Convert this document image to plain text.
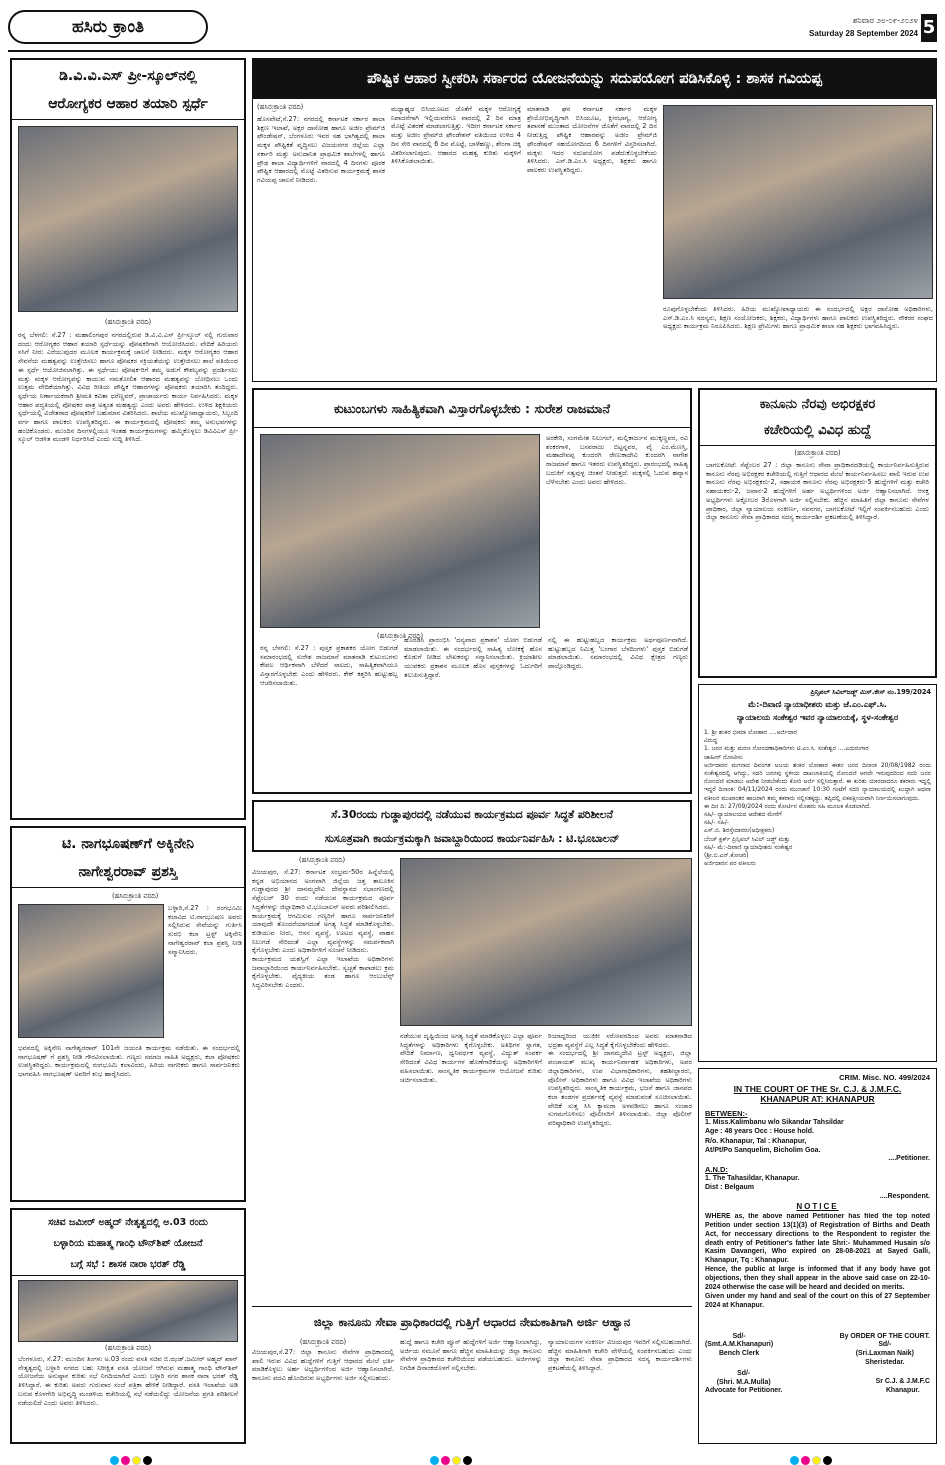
ಹಸಿರು ಕ್ರಾಂತಿ	ಶನಿವಾರ ೨೮-೦೯-೨೦೨೪
Saturday 28 September 2024 5
ಡಿ.ವಿ.ವಿ.ಎಸ್ ಪ್ರೀ-ಸ್ಕೂಲ್‌ನಲ್ಲಿ
ಆರೋಗ್ಯಕರ ಆಹಾರ ತಯಾರಿ ಸ್ಪರ್ಧೆ
(ಹಸಿರುಕ್ರಾಂತಿ ವರದಿ)
ರನ್ನ ಬೆಳಗಲಿ: ಸೆ.27 : ಮಹಾಲಿಂಗಪುರ ನಗರದಲ್ಲಿರುವ ಡಿ.ವಿ.ವಿ.ಎಸ್ ಪ್ರೀ-ಸ್ಕೂಲ್ ನಲ್ಲಿ ಗುರುವಾರ ದಂದು ಆರೋಗ್ಯಕರ ಆಹಾರ ತಯಾರಿ ಸ್ಪರ್ಧೆಯನ್ನು ಪೋಷಕರಿಗಾಗಿ ಆಯೋಜಿಸಿದರು. ವೇದಿಕೆ ಹಿರಿಯರು ಸಸಿಗೆ ನೀರು ಎರೆಯುವುದರ ಮೂಲಕ ಕಾರ್ಯಕ್ರಮಕ್ಕೆ ಚಾಲನೆ ನೀಡಿದರು. ಮಕ್ಕಳ ಆರೋಗ್ಯಕರ ಆಹಾರ ಸೇವನೆಯ ಮಹತ್ವವನ್ನು ಉತ್ತೇಜಿಸಲು ಹಾಗೂ ಪೋಷಕರ ಸಕ್ರಿಯತೆಯನ್ನು ಉತ್ತೇಜಿಸಲು ಶಾಲೆ ವತಿಯಿಂದ ಈ ಸ್ಪರ್ಧೆ ಆಯೋಜಿಸಲಾಗಿತ್ತು. ಈ ಸ್ಪರ್ಧೆಯು ಪೋಷಕ-ರಿಗೆ ತಮ್ಮ ಅಡುಗೆ ಕೌಶಲ್ಯವನ್ನು ಪ್ರದರ್ಶಿಸಲು ಮತ್ತು ಮಕ್ಕಳ ಆರೋಗ್ಯವನ್ನು ಕಾಯುವ ಸಮತೋಲಿತ ಆಹಾರದ ಮಹತ್ವವನ್ನು ಬೋಧಿಸಲು ಒಂದು ಉತ್ತಮ ವೇದಿಕೆಯಾಗಿತ್ತು. ವಿವಿಧ ರೀತಿಯ ಪೌಷ್ಟಿಕ ಆಹಾರಗಳನ್ನು ಪೋಷಕರು ತಯಾರಿಸಿ ತಂದಿದ್ದರು. ಸ್ಪರ್ಧೆಯ ನಿರ್ಣಾಯಕರಾಗಿ ಶ್ರೀಮತಿ ಕವಿತಾ ಧರೆಣ್ಣವರ್, ಪ್ರಾಚಾರ್ಯರು ಕಾರ್ಯ ನಿರ್ವಹಿಸಿದರು. ಮಕ್ಕಳ ಆಹಾರ ಪದ್ಧತಿಯಲ್ಲಿ ಪೋಷಕರ ಪಾತ್ರ ಅತ್ಯಂತ ಮಹತ್ವದ್ದು ಎಂದು ಅವರು ಹೇಳಿದರು. ಉಳಿದ ಶಿಕ್ಷಕಿಯರು ಸ್ಪರ್ಧೆಯಲ್ಲಿ ವಿಜೇತರಾದ ಪೋಷಕರಿಗೆ ಬಹುಮಾನ ವಿತರಿಸಿದರು. ಶಾಲೆಯ ಮುಖ್ಯೋಪಾಧ್ಯಾಯರು, ಸಿಬ್ಬಂದಿ ವರ್ಗ ಹಾಗೂ ಪಾಲಕರು ಉಪಸ್ಥಿತರಿದ್ದರು. ಈ ಕಾರ್ಯಕ್ರಮದಲ್ಲಿ ಪೋಷಕರು ತಮ್ಮ ಅನುಭವಗಳನ್ನು ಹಂಚಿಕೊಂಡರು. ಮುಂದಿನ ದಿನಗಳಲ್ಲಿಯೂ ಇಂತಹ ಕಾರ್ಯಕ್ರಮಗಳನ್ನು ಹಮ್ಮಿಕೊಳ್ಳಲು ಡಿವಿವಿಎಸ್ ಪ್ರೀ-ಸ್ಕೂಲ್ ಆಡಳಿತ ಮಂಡಳಿ ನಿರ್ಧರಿಸಿದೆ ಎಂದು ಸುದ್ದಿ ತಿಳಿಸಿದೆ.
ಟಿ. ನಾಗಭೂಷಣ್‌ಗೆ ಅಕ್ಕಿನೇನಿ
ನಾಗೇಶ್ವರರಾವ್ ಪ್ರಶಸ್ತಿ
(ಹಸಿರುಕ್ರಾಂತಿ ವರದಿ)
ಬಳ್ಳಾರಿ,ಸೆ.27 : ರಂಗಭೂಮಿ ಕಲಾವಿದ ಟಿ.ನಾಗಭೂಷಣ ಅವರು ಸಲ್ಲಿಸಿರುವ ಸೇವೆಯನ್ನು ಗುರ್ತಿಸಿ ಸುರಭಿ ಕಲಾ ಟ್ರಸ್ಟ್ ಅಕ್ಕಿನೇನಿ ನಾಗೇಶ್ವರರಾವ್ ಕಲಾ ಪ್ರಶಸ್ತಿ ನೀಡಿ ಸನ್ಮಾನಿಸಿದರು.
ಭವನದಲ್ಲಿ ಅಕ್ಕಿನೇನಿ ನಾಗೇಶ್ವರರಾವ್ 101ನೇ ಜಯಂತಿ ಕಾರ್ಯಕ್ರಮ ನಡೆಯಿತು. ಈ ಸಂದರ್ಭದಲ್ಲಿ ನಾಗಭೂಷಣ್ ಗೆ ಪ್ರಶಸ್ತಿ ನೀಡಿ ಗೌರವಿಸಲಾಯಿತು. ಗಣ್ಯರು ಸಮಾಜ ಸಾಹಿತಿ ಅಧ್ಯಕ್ಷರು, ಕಲಾ ಪೋಷಕರು ಉಪಸ್ಥಿತರಿದ್ದರು. ಕಾರ್ಯಕ್ರಮದಲ್ಲಿ ರಂಗಭೂಮಿ ಕಲಾವಿದರು, ಹಿರಿಯ ನಾಗರಿಕರು ಹಾಗೂ ಸಾರ್ವಜನಿಕರು ಭಾಗವಹಿಸಿ ನಾಗಭೂಷಣ್ ಅವರಿಗೆ ಶುಭ ಹಾರೈಸಿದರು.
ಸಚಿವ ಜಮೀರ್ ಅಹ್ಮದ್ ನೇತೃತ್ವದಲ್ಲಿ ಅ.03 ರಂದು
ಬಳ್ಳಾರಿಯ ಮಹಾತ್ಮ ಗಾಂಧಿ ಟೌನ್‌ಶಿಪ್ ಯೋಜನೆ
ಬಗ್ಗೆ ಸಭೆ : ಶಾಸಕ ನಾರಾ ಭರತ್ ರೆಡ್ಡಿ
(ಹಸಿರುಕ್ರಾಂತಿ ವರದಿ)
ಬೆಂಗಳೂರು, ಸೆ.27: ಮುಂದಿನ ತಿಂಗಳು ಅ.03 ರಂದು ವಸತಿ ಸಚಿವ ಬಿ.ಝಡ್.ಜಮೀರ್ ಅಹ್ಮದ್ ಖಾನ್ ನೇತೃತ್ವದಲ್ಲಿ ಬಳ್ಳಾರಿ ನಗರದ ಬಹು ನಿರೀಕ್ಷಿತ ವಸತಿ ಯೋಜನೆ ಆಗಿರುವ ಮಹಾತ್ಮ ಗಾಂಧಿ ಟೌನ್‌ಶಿಪ್ ಯೋಜನೆಯ ಅನುಷ್ಠಾನ ಕುರಿತು ಸಭೆ ನಿಗದಿಯಾಗಿದೆ ಎಂದು ಬಳ್ಳಾರಿ ನಗರ ಶಾಸಕ ನಾರಾ ಭರತ್ ರೆಡ್ಡಿ ತಿಳಿಸಿದ್ದಾರೆ. ಈ ಕುರಿತು ಅವರು ಗುರುವಾರ ಸಂಜೆ ಪತ್ರಿಕಾ ಹೇಳಿಕೆ ನೀಡಿದ್ದಾರೆ. ವಸತಿ ಇಲಾಖೆಯ ಅಡಿ ಬರುವ ಕೊಳಗೇರಿ ಅಭಿವೃದ್ಧಿ ಮಂಡಳಿಯ ಕಚೇರಿಯಲ್ಲಿ ಸಭೆ ನಡೆಯಲಿದ್ದು ಯೋಜನೆಯ ಪ್ರಗತಿ ಪರಿಶೀಲನೆ ನಡೆಯಲಿದೆ ಎಂದು ಅವರು ತಿಳಿಸಿದರು.
ಪೌಷ್ಟಿಕ ಆಹಾರ ಸ್ವೀಕರಿಸಿ ಸರ್ಕಾರದ ಯೋಜನೆಯನ್ನು ಸದುಪಯೋಗ ಪಡಿಸಿಕೊಳ್ಳಿ : ಶಾಸಕ ಗವಿಯಪ್ಪ
(ಹಸಿರುಕ್ರಾಂತಿ ವರದಿ)
ಹೊಸಪೇಟೆ,ಸೆ.27: ನಗರದಲ್ಲಿ ಕರ್ನಾಟಕ ಸರ್ಕಾರ ಶಾಲಾ ಶಿಕ್ಷಣ ಇಲಾಖೆ, ಅಕ್ಷರ ದಾಸೋಹ ಹಾಗೂ ಅಜೀಂ ಪ್ರೇಮ್‌ಜಿ ಫೌಂಡೇಷನ್, ಬೆಂಗಳೂರು ಇವರ ಸಹ ಭಾಗಿತ್ವದಲ್ಲಿ ಶಾಲಾ ಮಕ್ಕಳ ಪೌಷ್ಟಿಕತೆ ವೃದ್ಧಿಸಲು ವಿಜಯನಗರ ಜಿಲ್ಲೆಯ ಎಲ್ಲಾ ಸರ್ಕಾರಿ ಮತ್ತು ಅನುದಾನಿತ ಪ್ರಾಥಮಿಕ ಶಾಲೆಗಳಲ್ಲಿ ಹಾಗೂ ಪ್ರೌಢ ಶಾಲಾ ವಿದ್ಯಾರ್ಥಿಗಳಿಗೆ ವಾರದಲ್ಲಿ 4 ದಿನಗಳು ಪೂರಕ ಪೌಷ್ಟಿಕ ಆಹಾರದಲ್ಲಿ ಮೊಟ್ಟೆ ವಿತರಿಸುವ ಕಾರ್ಯಕ್ರಮಕ್ಕೆ ಶಾಸಕ ಗವಿಯಪ್ಪ ಚಾಲನೆ ನೀಡಿದರು.
ಮಧ್ಯಾಹ್ನದ ಬಿಸಿಯೂಟದ ಜೊತೆಗೆ ಮಕ್ಕಳ ಆರೋಗ್ಯಕ್ಕೆ ನಿಪಾದನೆಗಾಗಿ ಇಲ್ಲಿಯವರೆಗೂ ವಾರದಲ್ಲಿ 2 ದಿನ ಮಾತ್ರ ಮೊಟ್ಟೆ ವಿತರಣೆ ಮಾಡಲಾಗುತ್ತಿತ್ತು. ಇದೀಗ ಕರ್ನಾಟಕ ಸರ್ಕಾರ ಮತ್ತು ಅಜೀಂ ಪ್ರೇಮ್‌ಜಿ ಫೌಂಡೇಶನ್ ವತಿಯಿಂದ ಉಳಿದ 4 ದಿನ ಸೇರಿ ವಾರದಲ್ಲಿ 6 ದಿನ ಮೊಟ್ಟೆ, ಬಾಳೆಹಣ್ಣು, ಶೇಂಗಾ ಚಿಕ್ಕಿ ವಿತರಿಸಲಾಗುವುದು. ಆಹಾರದ ಮಹತ್ವ ಕುರಿತು ಮಕ್ಕಳಿಗೆ ತಿಳಿಸಿಕೊಡಲಾಯಿತು.
ಮಾತನಾಡಿ ಘನ ಕರ್ನಾಟಕ ಸರ್ಕಾರ ಮಕ್ಕಳ ಶ್ರೇಯೋಭಿವೃದ್ಧಿಗಾಗಿ ಬಿಸಿಯೂಟ, ಕ್ಷೀರಭಾಗ್ಯ, ಆರೋಗ್ಯ ತಪಾಸಣೆ ಮುಂತಾದ ಯೋಜನೆಗಳ ಜೊತೆಗೆ ವಾರದಲ್ಲಿ 2 ದಿನ ನೀಡುತ್ತಿದ್ದ ಪೌಷ್ಟಿಕ ಆಹಾರವನ್ನು ಅಜೀಂ ಪ್ರೇಮ್‌ಜಿ ಫೌಂಡೇಷನ್ ಸಹಯೋಗದಿಂದ 6 ದಿನಗಳಿಗೆ ವಿಸ್ತರಿಸಲಾಗಿದೆ. ಮಕ್ಕಳು ಇದರ ಸದುಪಯೋಗ ಪಡೆದುಕೊಳ್ಳಬೇಕೆಂದು ತಿಳಿಸಿದರು. ಎಸ್.ಡಿ.ಎಂ.ಸಿ ಅಧ್ಯಕ್ಷರು, ಶಿಕ್ಷಕರು ಹಾಗೂ ಪಾಲಕರು ಉಪಸ್ಥಿತರಿದ್ದರು.
ರೂಪುಗೊಳ್ಳಬೇಕೆಂದು ತಿಳಿಸಿದರು. ಹಿರಿಯ ಮುಖ್ಯೋಪಾಧ್ಯಾಯರು ಈ ಸಂದರ್ಭದಲ್ಲಿ ಅಕ್ಷರ ದಾಸೋಹ ಅಧಿಕಾರಿಗಳು, ಎಸ್.ಡಿ.ಎಂ.ಸಿ ಸದಸ್ಯರು, ಶಿಕ್ಷಣ ಸಂಯೋಜಕರು, ಶಿಕ್ಷಕರು, ವಿದ್ಯಾರ್ಥಿಗಳು ಹಾಗೂ ಪಾಲಕರು ಉಪಸ್ಥಿತರಿದ್ದರು. ನೌಕರರ ಸಂಘದ ಅಧ್ಯಕ್ಷರು ಕಾರ್ಯಕ್ರಮ ನಿರೂಪಿಸಿದರು. ಶಿಕ್ಷಣ ಪ್ರೇಮಿಗಳು ಹಾಗೂ ಪ್ರಾಥಮಿಕ ಶಾಲಾ ಸಹ ಶಿಕ್ಷಕರು ಭಾಗವಹಿಸಿದ್ದರು.
ಕುಟುಂಬಗಳು ಸಾಹಿತ್ಯಿಕವಾಗಿ ವಿಸ್ತಾರಗೊಳ್ಳಬೇಕು : ಸುರೇಶ ರಾಜಮಾನೆ
ಅರಕೇರಿ, ಸಂಗಮೇಶ ನಿಲುಗಲ್, ಮಲ್ಲಿಕಾರ್ಜುನ ಮುಕ್ಕಣ್ಣವರ, ರವಿ ಶಂಕರಗಾಳಿ, ಬಸವರಾಜು ಬಿಟ್ಟನ್ನವರ, ವೈ ಎಂ.ಮೆಣಸ್ತಿ, ಮಹಾದೇವಪ್ಪ ಕುಂದರಗಿ ರೇಣುಕಾದೇವಿ ಕುಂದರಗಿ ನಾಗೇಶ ರಾಜಮಾನೆ ಹಾಗೂ ಇತರರು ಉಪಸ್ಥಿತರಿದ್ದರು. ಪ್ರಾರಂಭದಲ್ಲಿ ಸಾಹಿತ್ಯ ಬದುಕಿಗೆ ಸತ್ವವುಳ್ಳ ಚಿಂತನೆ ನೀಡುತ್ತದೆ. ಮಕ್ಕಳಲ್ಲಿ ಓದುವ ಹವ್ಯಾಸ ಬೆಳೆಸಬೇಕು ಎಂದು ಅವರು ಹೇಳಿದರು.
(ಹಸಿರುಕ್ರಾಂತಿ ವರದಿ)
ರನ್ನ ಬೆಳಗಲಿ: ಸೆ.27 : ಪುಸ್ತಕ ಪ್ರಕಾಶಕರ ಯೋಗ ಬಿಡುಗಡೆ ಸಮಾರಂಭದಲ್ಲಿ ಸುರೇಶ ರಾಜಮಾನೆ ಮಾತನಾಡಿ ಕುಟುಂಬಗಳು ಕೇವಲ ಆರ್ಥಿಕವಾಗಿ ಬೆಳೆದರೆ ಸಾಲದು, ಸಾಹಿತ್ಯಿಕವಾಗಿಯೂ ವಿಸ್ತಾರಗೊಳ್ಳಬೇಕು ಎಂದು ಹೇಳಿದರು. ಕೇಕ್ ಕತ್ತರಿಸಿ ಹುಟ್ಟುಹಬ್ಬ ಆಚರಿಸಲಾಯಿತು.
ಹೊರಡಿಸಿ ಪ್ರಾರಂಭಿಸಿ 'ದನ್ಯವಾದ ಪ್ರಕಾಶನ' ಯೋಗ ಬಿಡುಗಡೆ ಮಾಡಲಾಯಿತು. ಈ ಸಂದರ್ಭದಲ್ಲಿ ಸಾಹಿತ್ಯ ಲೋಕಕ್ಕೆ ಹೊಸ ಕೊಡುಗೆ ನೀಡಿದ ಲೇಖಕರನ್ನು ಸನ್ಮಾನಿಸಲಾಯಿತು. ಕ್ರಿಯಾಶೀಲ ಯುವಕರು ಪ್ರಕಾಶನ ಮೂಲಕ ಹೊಸ ಪುಸ್ತಕಗಳನ್ನು ಓದುಗರಿಗೆ ತಲುಪಿಸುತ್ತಿದ್ದಾರೆ.
ನಲ್ಲಿ ಈ ಹುಟ್ಟುಹಬ್ಬದ ಕಾರ್ಯಕ್ರಮ ಅರ್ಥಪೂರ್ಣವಾಗಿದೆ. ಹುಟ್ಟುಹಬ್ಬದ ನಿಮಿತ್ತ 'ಬಂಗಾರ ಬೆಳದಿಂಗಳು' ಪುಸ್ತಕ ಬಿಡುಗಡೆ ಮಾಡಲಾಯಿತು. ಸಮಾರಂಭದಲ್ಲಿ ವಿವಿಧ ಕ್ಷೇತ್ರದ ಗಣ್ಯರು ಪಾಲ್ಗೊಂಡಿದ್ದರು.
ಕಾನೂನು ನೆರವು ಅಭಿರಕ್ಷಕರ
ಕಚೇರಿಯಲ್ಲಿ ವಿವಿಧ ಹುದ್ದೆ
(ಹಸಿರುಕ್ರಾಂತಿ ವರದಿ)
ಬಾಗಲಕೋಟೆ: ಸೆಪ್ಟೆಂಬರ 27 : ಜಿಲ್ಲಾ ಕಾನೂನು ಸೇವಾ ಪ್ರಾಧಿಕಾರದಡಿಯಲ್ಲಿ ಕಾರ್ಯನಿರ್ವಹಿಸುತ್ತಿರುವ ಕಾನೂನು ನೆರವು ಅಭಿರಕ್ಷಕರ ಕಚೇರಿಯಲ್ಲಿ ಗುತ್ತಿಗೆ ಆಧಾರದ ಮೇಲೆ ಕಾರ್ಯನಿರ್ವಹಿಸಲು ಖಾಲಿ ಇರುವ ಉಪ ಕಾನೂನು ನೆರವು ಅಭಿರಕ್ಷಕರು-2, ಸಹಾಯಕ ಕಾನೂನು ನೆರವು ಅಭಿರಕ್ಷಕರು-5 ಹುದ್ದೆಗಳಿಗೆ ಮತ್ತು ಕಚೇರಿ ಸಹಾಯಕರು-2, ಜವಾನ-2 ಹುದ್ದೆಗಳಿಗೆ ಅರ್ಹ ಅಭ್ಯರ್ಥಿಗಳಿಂದ ಅರ್ಜಿ ಆಹ್ವಾನಿಸಲಾಗಿದೆ. ಆಸಕ್ತ ಅಭ್ಯರ್ಥಿಗಳು ಅಕ್ಟೋಬರ 3ರೊಳಗಾಗಿ ಅರ್ಜಿ ಸಲ್ಲಿಸಬೇಕು. ಹೆಚ್ಚಿನ ಮಾಹಿತಿಗೆ ಜಿಲ್ಲಾ ಕಾನೂನು ಸೇವೆಗಳ ಪ್ರಾಧಿಕಾರ, ಜಿಲ್ಲಾ ನ್ಯಾಯಾಲಯ ಸಂಕೀರ್ಣ, ನವನಗರ, ಬಾಗಲಕೋಟೆ ಇಲ್ಲಿಗೆ ಸಂಪರ್ಕಿಸಬಹುದು ಎಂದು ಜಿಲ್ಲಾ ಕಾನೂನು ಸೇವಾ ಪ್ರಾಧಿಕಾರದ ಸದಸ್ಯ ಕಾರ್ಯದರ್ಶಿ ಪ್ರಕಟಣೆಯಲ್ಲಿ ತಿಳಿಸಿದ್ದಾರೆ.
ಪ್ರಿನ್ಸಿಪಲ್ ಸಿವಿಲ್‌ಜಡ್ಜ್ ಮಿಸ್.ಕೇಸ್ ನಂ.199/2024
ಮೆ:-ದಿವಾಣಿ ನ್ಯಾಯಾಧೀಶರು ಮತ್ತು ಜೆ.ಎಂ.ಎಫ್.ಸಿ.
ನ್ಯಾಯಾಲಯ ಸಂಕೇಶ್ವರ ಇವರ ನ್ಯಾಯಾಲಯಕ್ಕೆ, ಸ್ಥಳ-ಸಂಕೇಶ್ವರ
1. ಶ್ರೀ ಶಂಕರ ಭೀಮಾ ಲೋಹಾರ ....ಅರ್ಜಿದಾರ
ವಿರುದ್ಧ
1. ಜನನ ಮತ್ತು ಮರಣ ನೋಂದಣಾಧಿಕಾರಿಗಳು ಟಿ.ಎಂ.ಸಿ. ಸಂಕೇಶ್ವರ ....ಎದುರುಗಾರ
ಜಾಹೀರ್ ನೋಟೀಸು
ಅರ್ಜಿದಾರನ ಮಗನಾದ ದಿವಂಗತ ಅಜಯ ಶಂಕರ ಲೋಹಾರ ಈತನ ಜನನ ದಿನಾಂಕ 20/08/1982 ರಂದು ಸಂಕೇಶ್ವರದಲ್ಲಿ ಆಗಿದ್ದು, ಸದರಿ ಜನನವು ಸ್ಥಳೀಯ ದಾಖಲಾತಿಯಲ್ಲಿ ನೋಂದಣಿ ಆಗದೇ ಇರುವುದರಿಂದ ಸದರಿ ಜನನ ನೋಂದಣಿ ಮಾಡಲು ಆದೇಶ ನೀಡಬೇಕೆಂದು ಕೋರಿ ಅರ್ಜಿ ಸಲ್ಲಿಸಿರುತ್ತಾರೆ. ಈ ಕುರಿತು ಯಾರದಾದರೂ ತಕರಾರು ಇದ್ದಲ್ಲಿ ಇದ್ದರೆ ದಿನಾಂಕ: 04/11/2024 ರಂದು ಮುಂಜಾನೆ 10:30 ಗಂಟೆಗೆ ಸದರಿ ನ್ಯಾಯಾಲಯದಲ್ಲಿ ಖುದ್ದಾಗಿ ಅಥವಾ ವಕೀಲರ ಮುಖಾಂತರ ಹಾಜರಾಗಿ ತಮ್ಮ ತಕರಾರು ಸಲ್ಲಿಸತಕ್ಕದ್ದು. ತಪ್ಪಿದಲ್ಲಿ ಏಕಪಕ್ಷೀಯವಾಗಿ ನಿರ್ಣಯಿಸಲಾಗುವುದು.
ಈ ದಿನ ದಿ: 27/09/2024 ರಂದು ಕೋರ್ಟಿನ ಮೊಹರು ಸಹಿ ಮೂಲಕ ಕೊಡಲಾಗಿದೆ.
ಸಹಿ/- ನ್ಯಾಯಾಲಯದ ಆದೇಶದ ಮೇರೆಗೆ
ಸಹಿ/- ಸಹಿ/-
ಎಸ್.ಬಿ. ಶಿರಸ್ತೇದಾರರು(ಅಧೀಕ್ಷಕರು)
ಬೆಂಚ್ ಕ್ಲರ್ಕ್ ಪ್ರಿನ್ಸಿಪಲ್ ಸಿವಿಲ್ ಜಡ್ಜ್ ಮತ್ತು
ಸಹಿ/- ಮೆ:-ದಿವಾಣಿ ನ್ಯಾಯಾಧೀಶರು ಸಂಕೇಶ್ವರ
(ಶ್ರೀ.ಬಿ.ಎನ್.ಕೋಚರಿ)
ಅರ್ಜಿದಾರನ ಪರ ವಕೀಲರು
CRIM. Misc. NO. 499/2024
IN THE COURT OF THE Sr. C.J. & J.M.F.C.
KHANAPUR AT: KHANAPUR
BETWEEN:-
1. Miss.Kalimbanu w/o Sikandar Tahsildar
Age : 48 years Occ : House hold.
R/o. Khanapur, Tal : Khanapur,
At/Pt/Po Sanquelim, Bicholim Goa.
....Petitioner.
A.N.D:
1. The Tahasildar, Khanapur.
Dist : Belgaum
....Respondent.
NOTICE
WHERE as, the above named Petitioner has filed the top noted Petition under section 13(1)(3) of Registration of Births and Death Act, for neccessary directions to the Respondent to register the death entry of Petitioner's father late Shri:- Muhammed Husain s/o Kasim Davangeri, Who expired on 28-08-2021 at Sayed Galli, Khanapur, Tq : Khanapur.
Hence, the public at large is informed that if any body have got objections, then they shall appear in the above said case on 22-10-2024 otherwise the case will be heard and decided on merits.
Given under my hand and seal of the court on this of 27 September 2024 at Khanapur.
Sd/-
(Smt.A.M.Khanapuri)
Bench Clerk
By ORDER OF THE COURT.
Sd/-
(Sri.Laxman Naik)
Sheristedar.
Sd/-
(Shri. M.A.Mulla)
Advocate for Petitioner.
Sr C.J. & J.M.F.C
Khanapur.
ಸೆ.30ರಂದು ಗುಡ್ಡಾಪುರದಲ್ಲಿ ನಡೆಯುವ ಕಾರ್ಯಕ್ರಮದ ಪೂರ್ವ ಸಿದ್ಧತೆ ಪರಿಶೀಲನೆ
ಸುಸೂತ್ರವಾಗಿ ಕಾರ್ಯಕ್ರಮಕ್ಕಾಗಿ ಜವಾಬ್ದಾರಿಯಿಂದ ಕಾರ್ಯನಿರ್ವಹಿಸಿ : ಟಿ.ಭೂಬಾಲನ್
(ಹಸಿರುಕ್ರಾಂತಿ ವರದಿ)
ವಿಜಯಪುರ, ಸೆ.27: ಕರ್ನಾಟಕ ಸಂಭ್ರಮ-50ರ ಹಿನ್ನೆಲೆಯಲ್ಲಿ ಕನ್ನಡ ಅಭಿಯಾನದ ಅಂಗವಾಗಿ ಜಿಲ್ಲೆಯ ಜತ್ತ ತಾಲೂಕಿನ ಗುಡ್ಡಾಪುರದ ಶ್ರೀ ದಾನಮ್ಮದೇವಿ ದೇವಸ್ಥಾನದ ಸಭಾಂಗಣದಲ್ಲಿ ಸೆಪ್ಟೆಂಬರ್ 30 ರಂದು ನಡೆಯುವ ಕಾರ್ಯಕ್ರಮದ ಪೂರ್ವ ಸಿದ್ಧತೆಗಳನ್ನು ಜಿಲ್ಲಾಧಿಕಾರಿ ಟಿ.ಭೂಬಾಲನ್ ಅವರು ಪರಿಶೀಲಿಸಿದರು.
ಕಾರ್ಯಕ್ರಮಕ್ಕೆ ಆಗಮಿಸುವ ಗಣ್ಯರಿಗೆ ಹಾಗೂ ಸಾರ್ವಜನಿಕರಿಗೆ ಯಾವುದೇ ತೊಂದರೆಯಾಗದಂತೆ ಅಗತ್ಯ ಸಿದ್ಧತೆ ಮಾಡಿಕೊಳ್ಳಬೇಕು. ಕುಡಿಯುವ ನೀರು, ಆಸನ ವ್ಯವಸ್ಥೆ, ಊಟದ ವ್ಯವಸ್ಥೆ, ವಾಹನ ನಿಲುಗಡೆ ಸೇರಿದಂತೆ ಎಲ್ಲಾ ವ್ಯವಸ್ಥೆಗಳನ್ನು ಸಮರ್ಪಕವಾಗಿ ಕೈಗೊಳ್ಳಬೇಕು ಎಂದು ಅಧಿಕಾರಿಗಳಿಗೆ ಸೂಚನೆ ನೀಡಿದರು.
ಕಾರ್ಯಕ್ರಮದ ಯಶಸ್ವಿಗೆ ಎಲ್ಲಾ ಇಲಾಖೆಯ ಅಧಿಕಾರಿಗಳು ಜವಾಬ್ದಾರಿಯಿಂದ ಕಾರ್ಯನಿರ್ವಹಿಸಬೇಕು. ಸ್ವಚ್ಛತೆ ಕಾಪಾಡಲು ಕ್ರಮ ಕೈಗೊಳ್ಳಬೇಕು. ವೈದ್ಯಕೀಯ ತಂಡ ಹಾಗೂ ಆಂಬುಲೆನ್ಸ್ ಸಿದ್ಧವಿರಿಸಬೇಕು ಎಂದರು.
ನಡೆಯುವ ದೃಷ್ಟಿಯಿಂದ ಅಗತ್ಯ ಸಿದ್ಧತೆ ಮಾಡಿಕೊಳ್ಳಲು ಎಲ್ಲಾ ಪೂರ್ವ ಸಿದ್ಧತೆಗಳನ್ನು ಅಧಿಕಾರಿಗಳು ಕೈಗೊಳ್ಳಬೇಕು. ಅತಿಥಿಗಳ ಸ್ವಾಗತ, ವೇದಿಕೆ ನಿರ್ಮಾಣ, ಧ್ವನಿವರ್ಧಕ ವ್ಯವಸ್ಥೆ, ವಿದ್ಯುತ್ ಸಂಪರ್ಕ ಸೇರಿದಂತೆ ವಿವಿಧ ಕಾರ್ಯಗಳ ಹೊಣೆಗಾರಿಕೆಯನ್ನು ಅಧಿಕಾರಿಗಳಿಗೆ ವಹಿಸಲಾಯಿತು. ಸಾಂಸ್ಕೃತಿಕ ಕಾರ್ಯಕ್ರಮಗಳ ಆಯೋಜನೆ ಕುರಿತು ಚರ್ಚಿಸಲಾಯಿತು.
ರಿಯಾದ್ದರಿಂದ ಯುಕಿಕೀ ಸರೋವರದಿಂದ ಅವರು ಮಾತನಾಡಿದ ಭದ್ರತಾ ವ್ಯವಸ್ಥೆಗೆ ಎಲ್ಲ ಸಿದ್ಧತೆ ಕೈಗೊಳ್ಳಬೇಕೆಂದು ಹೇಳಿದರು.
ಈ ಸಂದರ್ಭದಲ್ಲಿ ಶ್ರೀ ದಾನಮ್ಮದೇವಿ ಟ್ರಸ್ಟ್ ಅಧ್ಯಕ್ಷರು, ಜಿಲ್ಲಾ ಪಂಚಾಯತ್ ಮುಖ್ಯ ಕಾರ್ಯನಿರ್ವಾಹಕ ಅಧಿಕಾರಿಗಳು, ಅಪರ ಜಿಲ್ಲಾಧಿಕಾರಿಗಳು, ಉಪ ವಿಭಾಗಾಧಿಕಾರಿಗಳು, ತಹಶೀಲ್ದಾರರು, ಪೊಲೀಸ್ ಅಧಿಕಾರಿಗಳು ಹಾಗೂ ವಿವಿಧ ಇಲಾಖೆಯ ಅಧಿಕಾರಿಗಳು ಉಪಸ್ಥಿತರಿದ್ದರು. ಸಾಂಸ್ಕೃತಿಕ ಕಾರ್ಯಕ್ರಮ, ಭಜನೆ ಹಾಗೂ ಜಾನಪದ ಕಲಾ ತಂಡಗಳ ಪ್ರದರ್ಶನಕ್ಕೆ ವ್ಯವಸ್ಥೆ ಮಾಡುವಂತೆ ಸೂಚಿಸಲಾಯಿತು. ವೇದಿಕೆ ಸುತ್ತ ಸಿಸಿ ಕ್ಯಾಮರಾ ಅಳವಡಿಸಲು ಹಾಗೂ ಸಂಚಾರ ಸುಗಮಗೊಳಿಸಲು ಪೊಲೀಸರಿಗೆ ತಿಳಿಸಲಾಯಿತು. ಜಿಲ್ಲಾ ಪೊಲೀಸ್ ವರಿಷ್ಠಾಧಿಕಾರಿ ಉಪಸ್ಥಿತರಿದ್ದರು.
ಜಿಲ್ಲಾ ಕಾನೂನು ಸೇವಾ ಪ್ರಾಧಿಕಾರದಲ್ಲಿ ಗುತ್ತಿಗೆ ಆಧಾರದ ನೇಮಕಾತಿಗಾಗಿ ಅರ್ಜಿ ಆಹ್ವಾನ
(ಹಸಿರುಕ್ರಾಂತಿ ವರದಿ)
ವಿಜಯಪುರ,ಸೆ.27: ಜಿಲ್ಲಾ ಕಾನೂನು ಸೇವೆಗಳ ಪ್ರಾಧಿಕಾರದಲ್ಲಿ ಖಾಲಿ ಇರುವ ವಿವಿಧ ಹುದ್ದೆಗಳಿಗೆ ಗುತ್ತಿಗೆ ಆಧಾರದ ಮೇಲೆ ಭರ್ತಿ ಮಾಡಿಕೊಳ್ಳಲು ಅರ್ಹ ಅಭ್ಯರ್ಥಿಗಳಿಂದ ಅರ್ಜಿ ಆಹ್ವಾನಿಸಲಾಗಿದೆ. ಕಾನೂನು ಪದವಿ ಹೊಂದಿರುವ ಅಭ್ಯರ್ಥಿಗಳು ಅರ್ಜಿ ಸಲ್ಲಿಸಬಹುದು.
ಹುದ್ದೆ ಹಾಗೂ ಕಚೇರಿ ಪ್ಯೂನ್ ಹುದ್ದೆಗಳಿಗೆ ಅರ್ಜಿ ಆಹ್ವಾನಿಸಲಾಗಿದ್ದು, ಅರ್ಜಿಯ ನಮೂನೆ ಹಾಗೂ ಹೆಚ್ಚಿನ ಮಾಹಿತಿಯನ್ನು ಜಿಲ್ಲಾ ಕಾನೂನು ಸೇವೆಗಳ ಪ್ರಾಧಿಕಾರದ ಕಚೇರಿಯಿಂದ ಪಡೆಯಬಹುದು. ಅರ್ಜಿಗಳನ್ನು ನಿಗದಿತ ದಿನಾಂಕದೊಳಗೆ ಸಲ್ಲಿಸಬೇಕು.
ನ್ಯಾಯಾಲಯಗಳ ಸಂಕೀರ್ಣ ವಿಜಯಪುರ ಇವರಿಗೆ ಸಲ್ಲಿಸಬಹುದಾಗಿದೆ. ಹೆಚ್ಚಿನ ಮಾಹಿತಿಗಾಗಿ ಕಚೇರಿ ವೇಳೆಯಲ್ಲಿ ಸಂಪರ್ಕಿಸಬಹುದು ಎಂದು ಜಿಲ್ಲಾ ಕಾನೂನು ಸೇವಾ ಪ್ರಾಧಿಕಾರದ ಸದಸ್ಯ ಕಾರ್ಯದರ್ಶಿಗಳು ಪ್ರಕಟಣೆಯಲ್ಲಿ ತಿಳಿಸಿದ್ದಾರೆ.
